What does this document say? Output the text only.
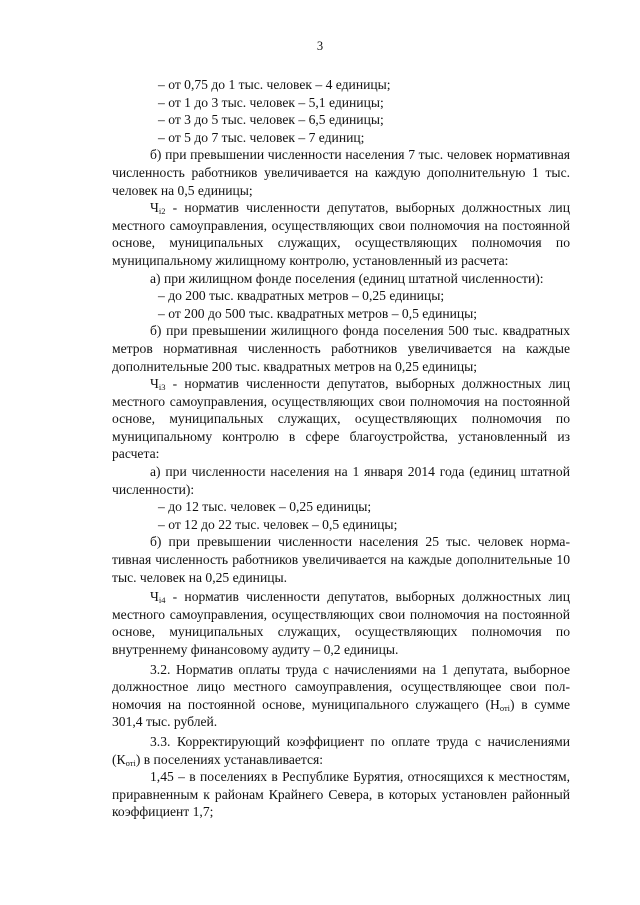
3

– от 0,75 до 1 тыс. человек – 4 единицы;

– от 1 до 3 тыс. человек – 5,1 единицы;

– от 3 до 5 тыс. человек – 6,5 единицы;

– от 5 до 7 тыс. человек – 7 единиц;

б) при превышении численности населения 7 тыс. человек нормативная численность работников увеличивается на каждую дополнительную 1 тыс. человек на 0,5 единицы;

$Ч_{i2}$ - норматив численности депутатов, выборных должностных лиц местного самоуправления, осуществляющих свои полномочия на постоянной основе, муниципальных служащих, осуществляющих полномочия по муниципальному жилищному контролю, установленный из расчета:

а) при жилищном фонде поселения (единиц штатной численности):

– до 200 тыс. квадратных метров – 0,25 единицы;

– от 200 до 500 тыс. квадратных метров – 0,5 единицы;

б) при превышении жилищного фонда поселения 500 тыс. квадратных метров нормативная численность работников увеличивается на каждые дополнительные 200 тыс. квадратных метров на 0,25 единицы;

$Ч_{i3}$ - норматив численности депутатов, выборных должностных лиц местного самоуправления, осуществляющих свои полномочия на постоянной основе, муниципальных служащих, осуществляющих полномочия по муниципальному контролю в сфере благоустройства, установленный из расчета:

а) при численности населения на 1 января 2014 года (единиц штатной численности):

– до 12 тыс. человек – 0,25 единицы;

– от 12 до 22 тыс. человек – 0,5 единицы;

б) при превышении численности населения 25 тыс. человек нормативная численность работников увеличивается на каждые дополнительные 10 тыс. человек на 0,25 единицы.

$Ч_{i4}$ - норматив численности депутатов, выборных должностных лиц местного самоуправления, осуществляющих свои полномочия на постоянной основе, муниципальных служащих, осуществляющих полномочия по внутреннему финансовому аудиту – 0,2 единицы.

3.2. Норматив оплаты труда с начислениями на 1 депутата, выборное должностное лицо местного самоуправления, осуществляющее свои полномочия на постоянной основе, муниципального служащего $(Н_{отi})$ в сумме 301,4 тыс. рублей.

3.3. Корректирующий коэффициент по оплате труда с начислениями $(К_{отi})$ в поселениях устанавливается:

1,45 – в поселениях в Республике Бурятия, относящихся к местностям, приравненным к районам Крайнего Севера, в которых установлен районный коэффициент 1,7;
